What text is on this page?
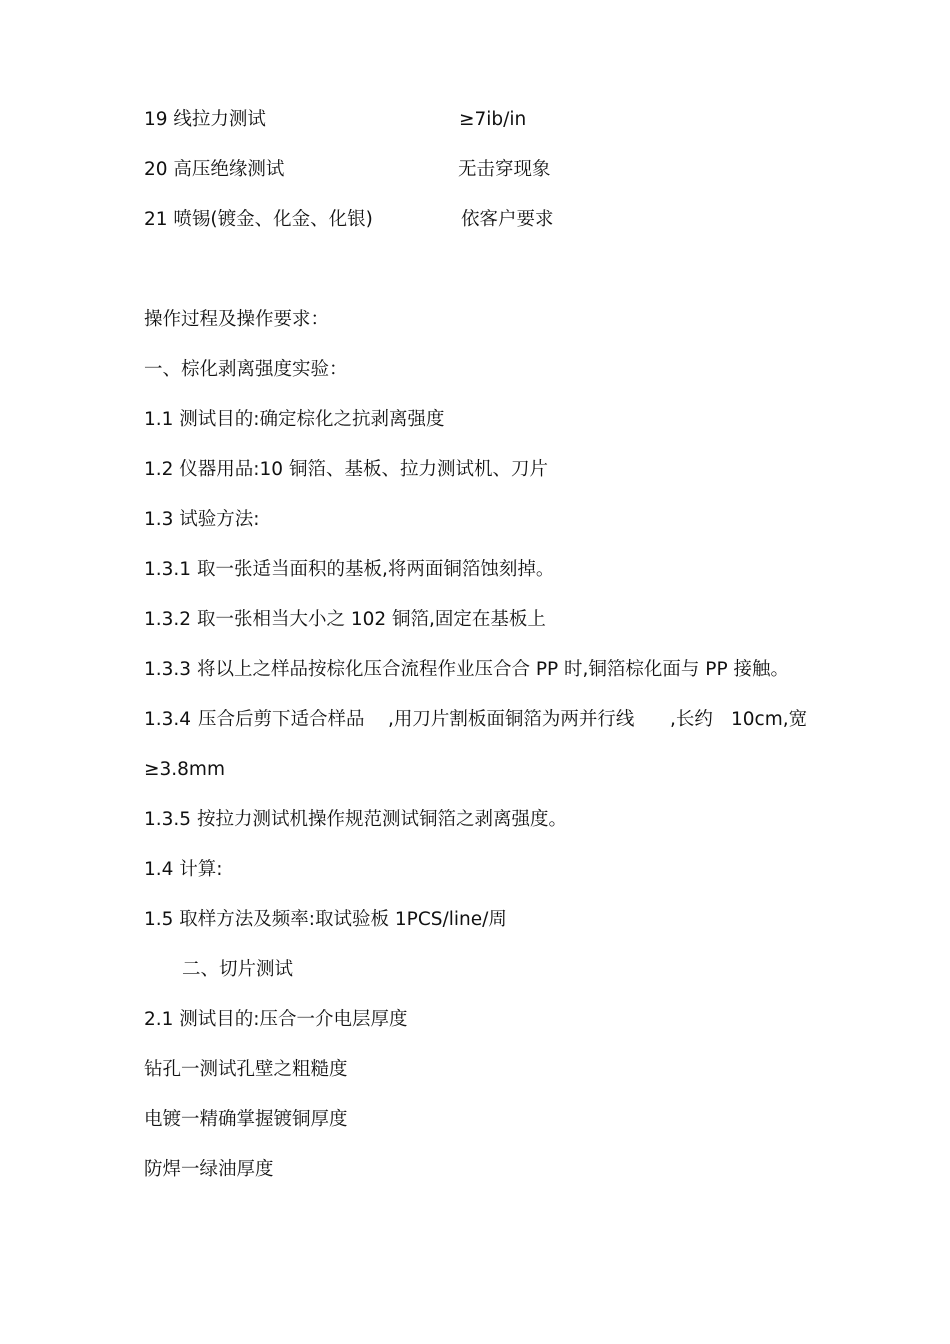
19 线拉力测试	≥7ib/in
20 高压绝缘测试	无击穿现象
21 喷锡(镀金、化金、化银)	依客户要求
操作过程及操作要求：
一、棕化剥离强度实验：
1.1 测试目的:确定棕化之抗剥离强度
1.2 仪器用品:10 铜箔、基板、拉力测试机、刀片
1.3 试验方法:
1.3.1 取一张适当面积的基板,将两面铜箔蚀刻掉。
1.3.2 取一张相当大小之 102 铜箔,固定在基板上
1.3.3 将以上之样品按棕化压合流程作业压合合 PP 时,铜箔棕化面与 PP 接触。
1.3.4 压合后剪下适合样品 ,用刀片割板面铜箔为两并行线 ,长约 10cm,宽
≥3.8mm
1.3.5 按拉力测试机操作规范测试铜箔之剥离强度。
1.4 计算:
1.5 取样方法及频率:取试验板 1PCS/line/周
二、切片测试
2.1 测试目的:压合一介电层厚度
钻孔一测试孔壁之粗糙度
电镀一精确掌握镀铜厚度
防焊一绿油厚度
